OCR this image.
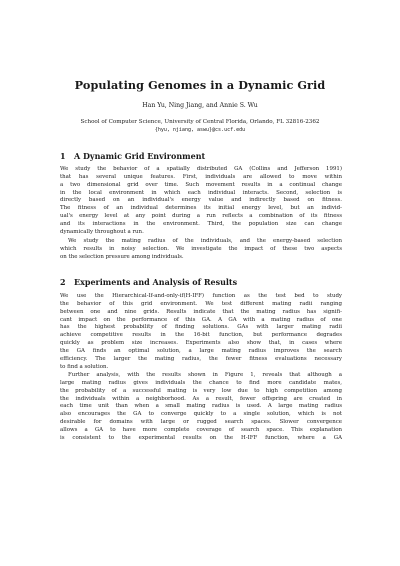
Populating Genomes in a Dynamic Grid
Han Yu, Ning Jiang, and Annie S. Wu
School of Computer Science, University of Central Florida, Orlando, FL 32816-2362
{hyu, njiang, aswu}@cs.ucf.edu
1 A Dynamic Grid Environment
We study the behavior of a spatially distributed GA (Collins and Jefferson 1991)
that has several unique features. First, individuals are allowed to move within
a two dimensional grid over time. Such movement results in a continual change
in the local environment in which each individual interacts. Second, selection is
directly based on an individual's energy value and indirectly based on fitness.
The fitness of an individual determines its initial energy level, but an individ-
ual's energy level at any point during a run reflects a combination of its fitness
and its interactions in the environment. Third, the population size can change
dynamically throughout a run.
We study the mating radius of the individuals, and the energy-based selection
which results in noisy selection. We investigate the impact of these two aspects
on the selection pressure among individuals.
2 Experiments and Analysis of Results
We use the Hierarchical-If-and-only-if(H-IFF) function as the test bed to study
the behavior of this grid environment. We test different mating radii ranging
between one and nine grids. Results indicate that the mating radius has signifi-
cant impact on the performance of this GA. A GA with a mating radius of one
has the highest probability of finding solutions. GAs with larger mating radii
achieve competitive results in the 16-bit function, but performance degrades
quickly as problem size increases. Experiments also show that, in cases where
the GA finds an optimal solution, a large mating radius improves the search
efficiency. The larger the mating radius, the fewer fitness evaluations necessary
to find a solution.
Further analysis, with the results shown in Figure 1, reveals that although a
large mating radius gives individuals the chance to find more candidate mates,
the probability of a successful mating is very low due to high competition among
the individuals within a neighborhood. As a result, fewer offspring are created in
each time unit than when a small mating radius is used. A large mating radius
also encourages the GA to converge quickly to a single solution, which is not
desirable for domains with large or rugged search spaces. Slower convergence
allows a GA to have more complete coverage of search space. This explanation
is consistent to the experimental results on the H-IFF function, where a GA
